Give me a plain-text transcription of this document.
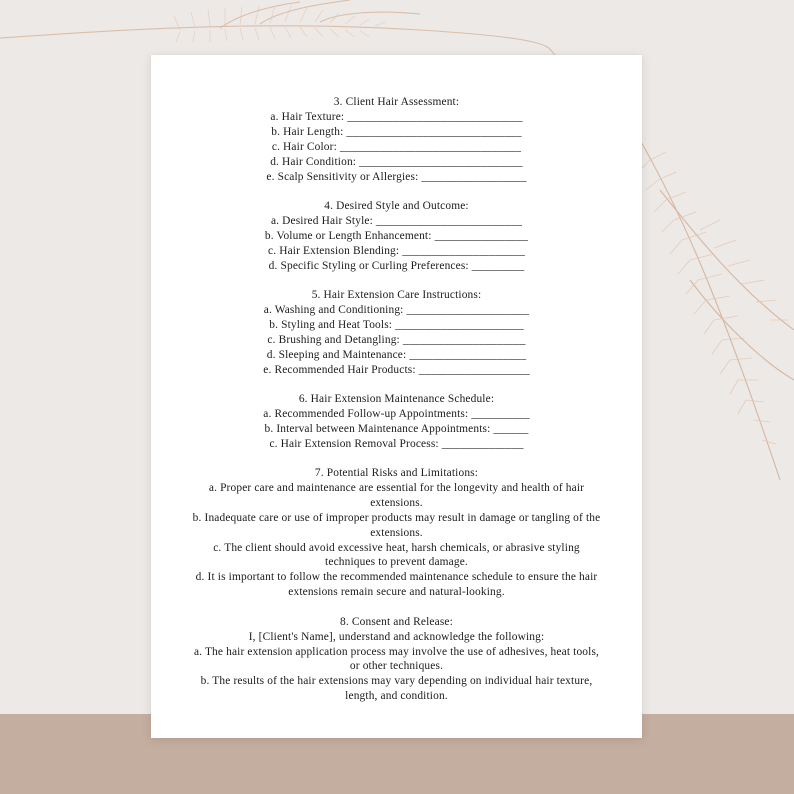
3. Client Hair Assessment:
a. Hair Texture: ______________________________
b. Hair Length: ______________________________
c. Hair Color: _______________________________
d. Hair Condition: ____________________________
e. Scalp Sensitivity or Allergies: __________________
4. Desired Style and Outcome:
a. Desired Hair Style: _________________________
b. Volume or Length Enhancement: ________________
c. Hair Extension Blending: _____________________
d. Specific Styling or Curling Preferences: _________
5. Hair Extension Care Instructions:
a. Washing and Conditioning: _____________________
b. Styling and Heat Tools: ______________________
c. Brushing and Detangling: _____________________
d. Sleeping and Maintenance: ____________________
e. Recommended Hair Products: ___________________
6. Hair Extension Maintenance Schedule:
a. Recommended Follow-up Appointments: __________
b. Interval between Maintenance Appointments: ______
c. Hair Extension Removal Process: ______________
7. Potential Risks and Limitations:
a. Proper care and maintenance are essential for the longevity and health of hair extensions.
b. Inadequate care or use of improper products may result in damage or tangling of the extensions.
c. The client should avoid excessive heat, harsh chemicals, or abrasive styling techniques to prevent damage.
d. It is important to follow the recommended maintenance schedule to ensure the hair extensions remain secure and natural-looking.
8. Consent and Release:
I, [Client's Name], understand and acknowledge the following:
a. The hair extension application process may involve the use of adhesives, heat tools, or other techniques.
b. The results of the hair extensions may vary depending on individual hair texture, length, and condition.
